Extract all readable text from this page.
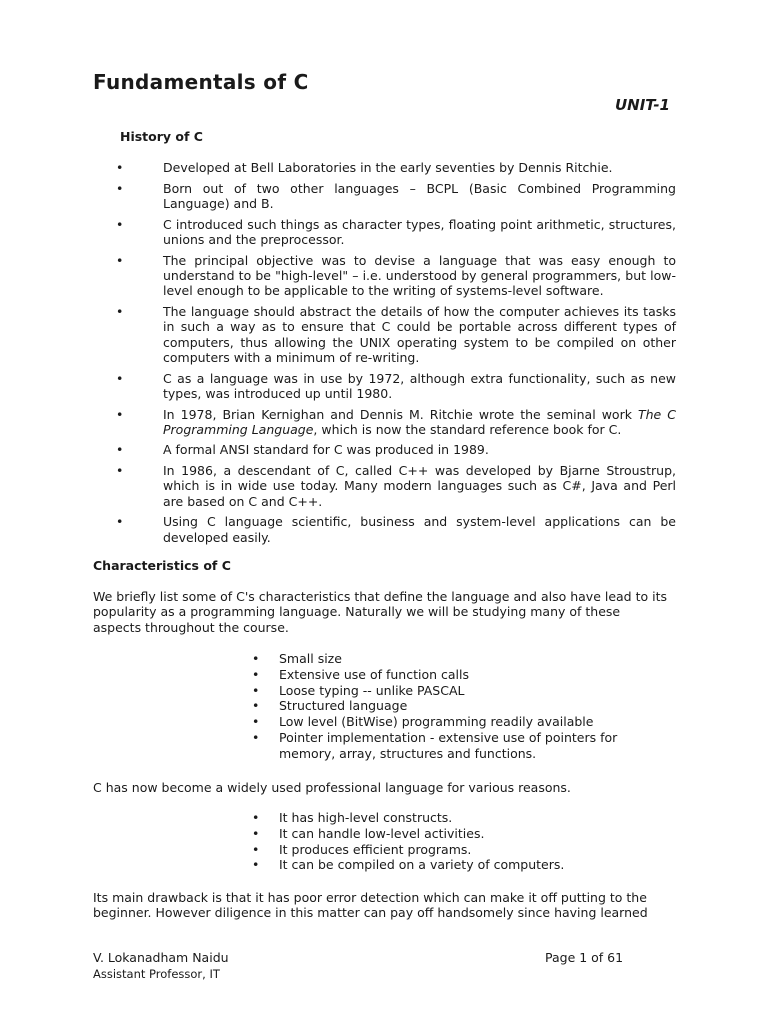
Fundamentals of C
UNIT-1
History of C
•	Developed at Bell Laboratories in the early seventies by Dennis Ritchie.
•	Born out of two other languages – BCPL (Basic Combined Programming Language) and B.
•	C introduced such things as character types, floating point arithmetic, structures, unions and the preprocessor.
•	The principal objective was to devise a language that was easy enough to understand to be "high-level" – i.e. understood by general programmers, but low-level enough to be applicable to the writing of systems-level software.
•	The language should abstract the details of how the computer achieves its tasks in such a way as to ensure that C could be portable across different types of computers, thus allowing the UNIX operating system to be compiled on other computers with a minimum of re-writing.
•	C as a language was in use by 1972, although extra functionality, such as new types, was introduced up until 1980.
•	In 1978, Brian Kernighan and Dennis M. Ritchie wrote the seminal work The C Programming Language, which is now the standard reference book for C.
•	A formal ANSI standard for C was produced in 1989.
•	In 1986, a descendant of C, called C++ was developed by Bjarne Stroustrup, which is in wide use today. Many modern languages such as C#, Java and Perl are based on C and C++.
•	Using C language scientific, business and system-level applications can be developed easily.
Characteristics of C

We briefly list some of C's characteristics that define the language and also have lead to its popularity as a programming language. Naturally we will be studying many of these aspects throughout the course.

• Small size
• Extensive use of function calls
• Loose typing -- unlike PASCAL
• Structured language
• Low level (BitWise) programming readily available
• Pointer implementation - extensive use of pointers for memory, array, structures and functions.

C has now become a widely used professional language for various reasons.

• It has high-level constructs.
• It can handle low-level activities.
• It produces efficient programs.
• It can be compiled on a variety of computers.

Its main drawback is that it has poor error detection which can make it off putting to the beginner. However diligence in this matter can pay off handsomely since having learned

V. Lokanadham Naidu
Assistant Professor, IT
Page 1 of 61
